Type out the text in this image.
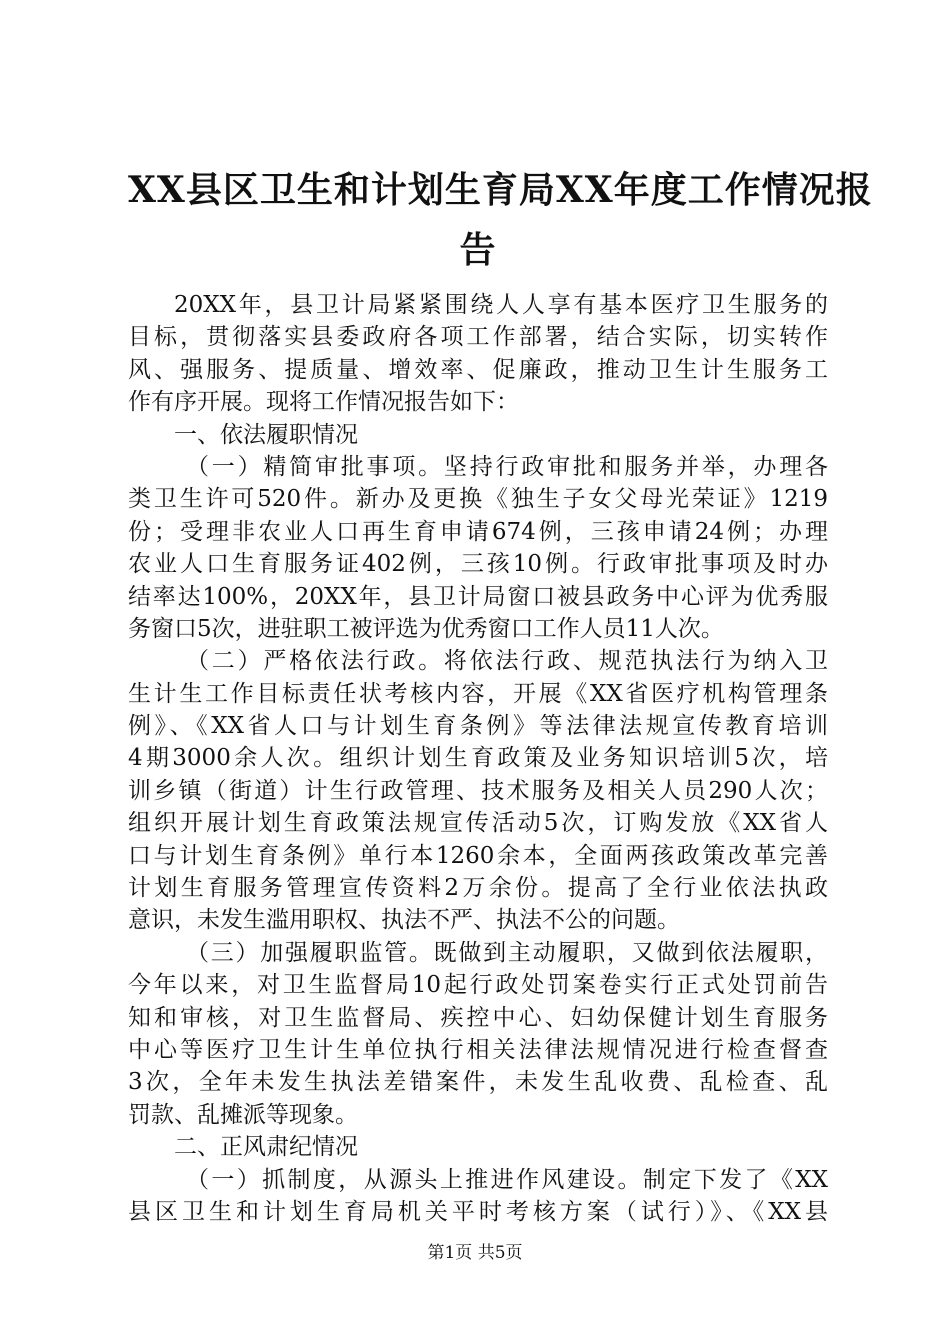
XX县区卫生和计划生育局XX年度工作情况报
告
20XX年，县卫计局紧紧围绕人人享有基本医疗卫生服务的
目标，贯彻落实县委政府各项工作部署，结合实际，切实转作
风、强服务、提质量、增效率、促廉政，推动卫生计生服务工
作有序开展。现将工作情况报告如下：
一、依法履职情况
（一）精简审批事项。坚持行政审批和服务并举，办理各
类卫生许可520件。新办及更换《独生子女父母光荣证》1219
份；受理非农业人口再生育申请674例，三孩申请24例；办理
农业人口生育服务证402例，三孩10例。行政审批事项及时办
结率达100%，20XX年，县卫计局窗口被县政务中心评为优秀服
务窗口5次，进驻职工被评选为优秀窗口工作人员11人次。
（二）严格依法行政。将依法行政、规范执法行为纳入卫
生计生工作目标责任状考核内容，开展《XX省医疗机构管理条
例》、《XX省人口与计划生育条例》等法律法规宣传教育培训
4期3000余人次。组织计划生育政策及业务知识培训5次，培
训乡镇（街道）计生行政管理、技术服务及相关人员290人次；
组织开展计划生育政策法规宣传活动5次，订购发放《XX省人
口与计划生育条例》单行本1260余本，全面两孩政策改革完善
计划生育服务管理宣传资料2万余份。提高了全行业依法执政
意识，未发生滥用职权、执法不严、执法不公的问题。
（三）加强履职监管。既做到主动履职，又做到依法履职，
今年以来，对卫生监督局10起行政处罚案卷实行正式处罚前告
知和审核，对卫生监督局、疾控中心、妇幼保健计划生育服务
中心等医疗卫生计生单位执行相关法律法规情况进行检查督查
3次，全年未发生执法差错案件，未发生乱收费、乱检查、乱
罚款、乱摊派等现象。
二、正风肃纪情况
（一）抓制度，从源头上推进作风建设。制定下发了《XX
县区卫生和计划生育局机关平时考核方案（试行）》、《XX县
第1页 共5页
